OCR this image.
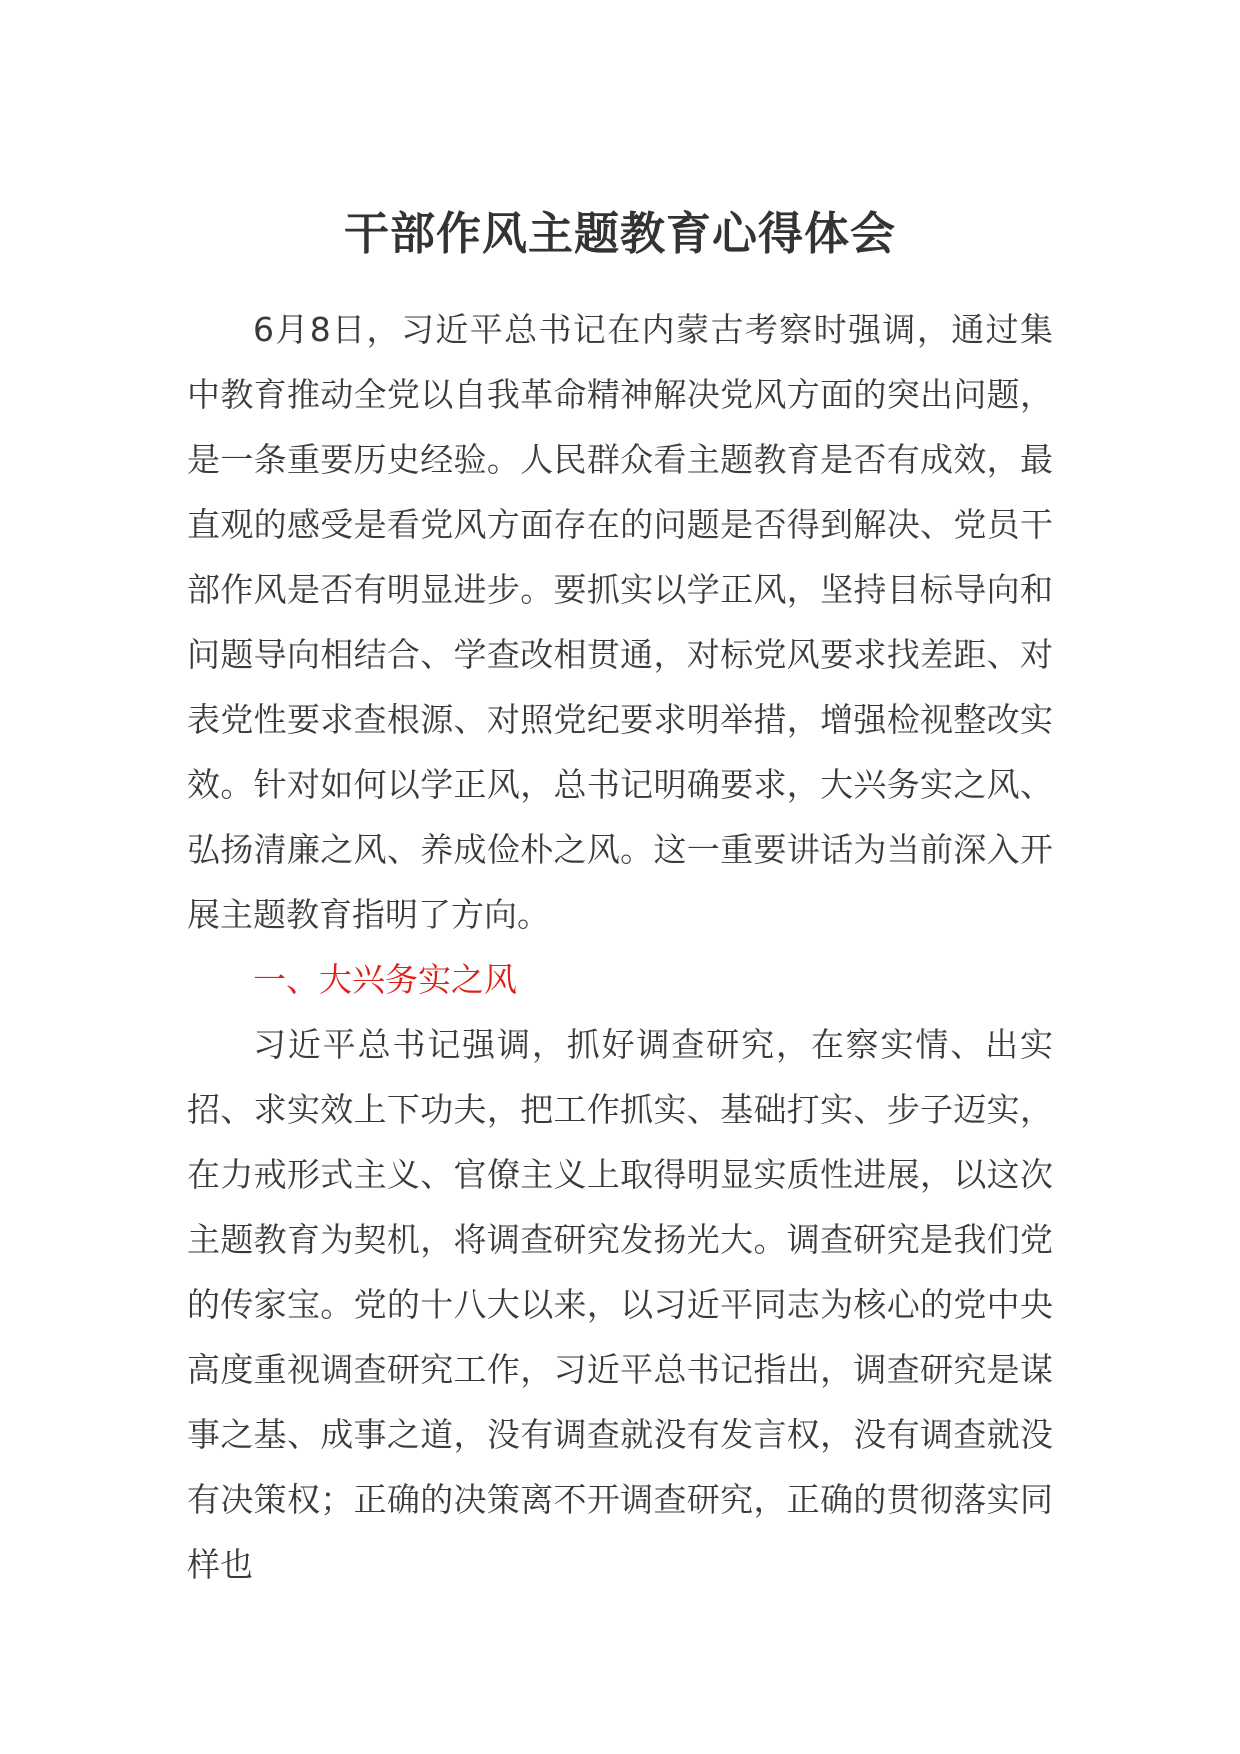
干部作风主题教育心得体会

6月8日，习近平总书记在内蒙古考察时强调，通过集中教育推动全党以自我革命精神解决党风方面的突出问题，是一条重要历史经验。人民群众看主题教育是否有成效，最直观的感受是看党风方面存在的问题是否得到解决、党员干部作风是否有明显进步。要抓实以学正风，坚持目标导向和问题导向相结合、学查改相贯通，对标党风要求找差距、对表党性要求查根源、对照党纪要求明举措，增强检视整改实效。针对如何以学正风，总书记明确要求，大兴务实之风、弘扬清廉之风、养成俭朴之风。这一重要讲话为当前深入开展主题教育指明了方向。

一、大兴务实之风

习近平总书记强调，抓好调查研究，在察实情、出实招、求实效上下功夫，把工作抓实、基础打实、步子迈实，在力戒形式主义、官僚主义上取得明显实质性进展，以这次主题教育为契机，将调查研究发扬光大。调查研究是我们党的传家宝。党的十八大以来，以习近平同志为核心的党中央高度重视调查研究工作，习近平总书记指出，调查研究是谋事之基、成事之道，没有调查就没有发言权，没有调查就没有决策权；正确的决策离不开调查研究，正确的贯彻落实同样也
